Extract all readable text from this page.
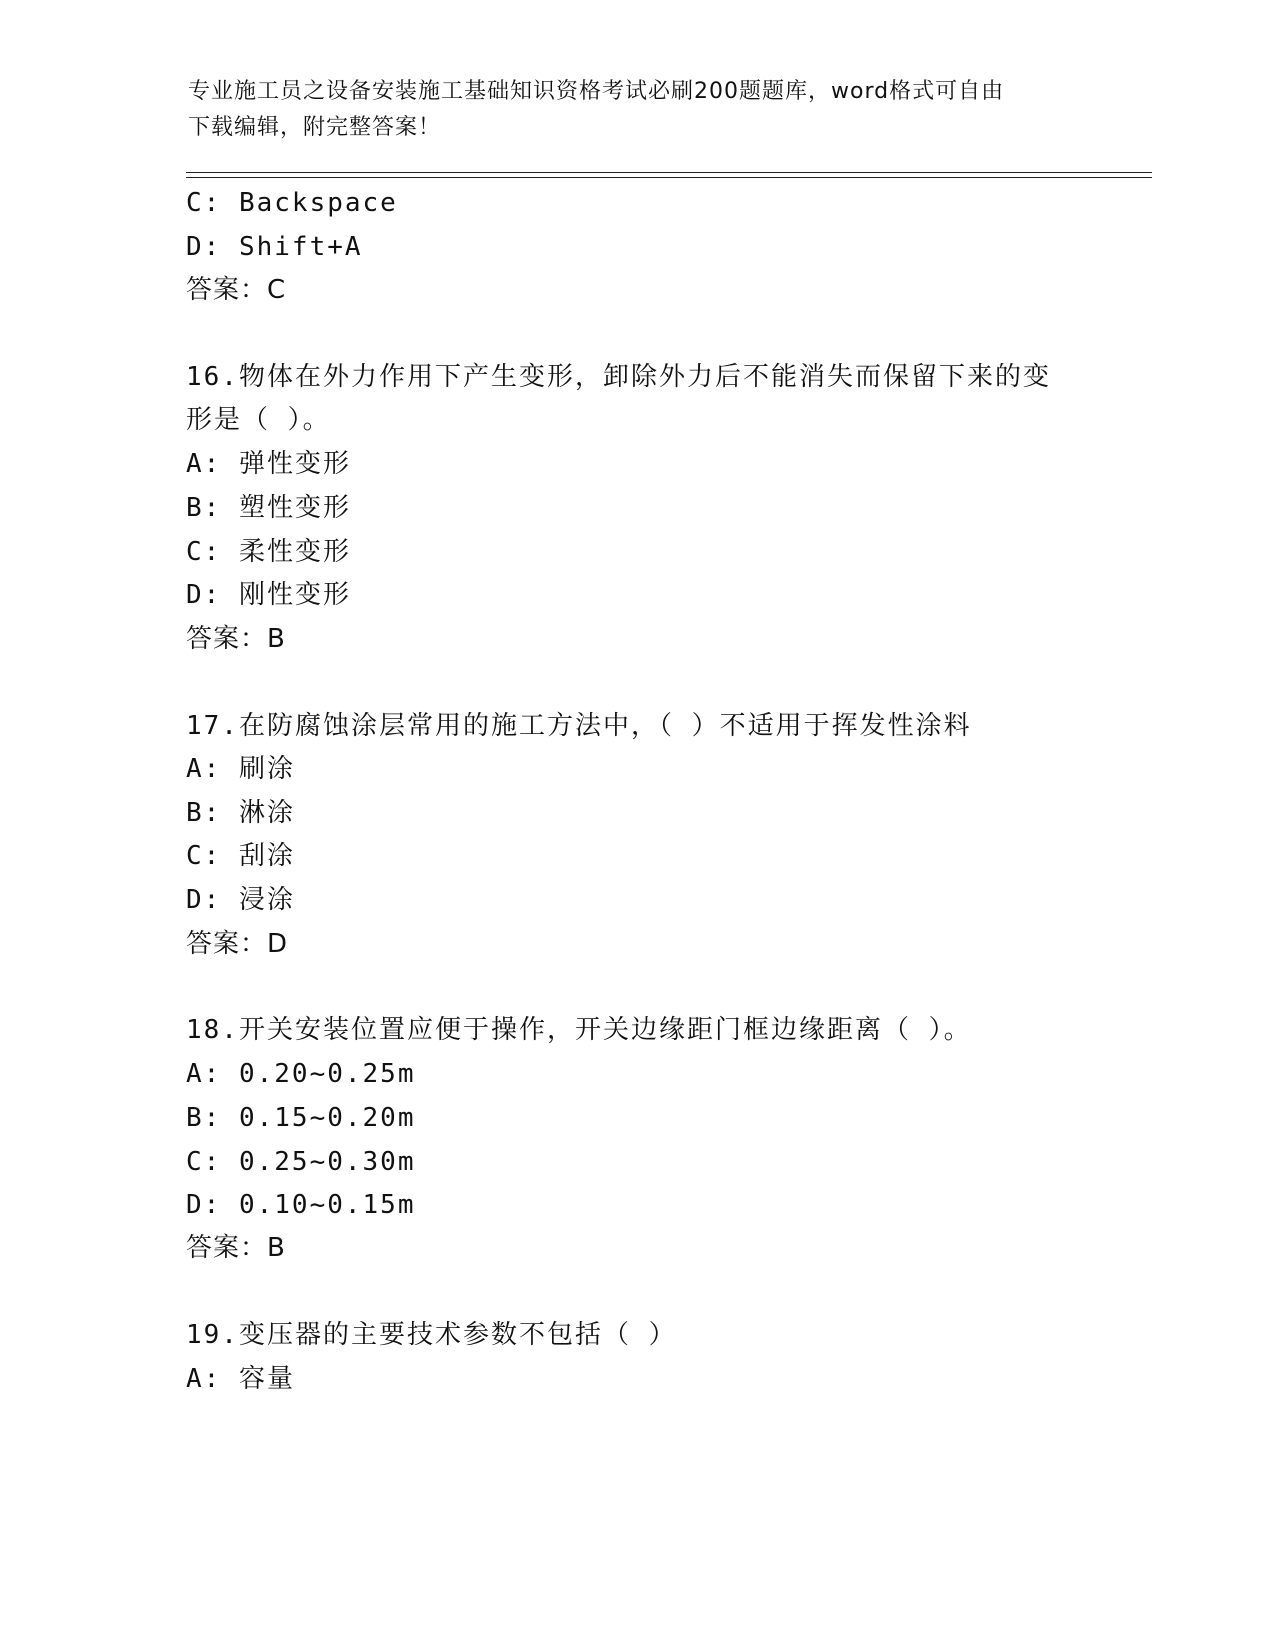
专业施工员之设备安装施工基础知识资格考试必刷200题题库，word格式可自由
下载编辑，附完整答案！
C: Backspace
D: Shift+A
答案：C
16.物体在外力作用下产生变形，卸除外力后不能消失而保留下来的变
形是（ ）。
A: 弹性变形
B: 塑性变形
C: 柔性变形
D: 刚性变形
答案：B
17.在防腐蚀涂层常用的施工方法中，（ ）不适用于挥发性涂料
A: 刷涂
B: 淋涂
C: 刮涂
D: 浸涂
答案：D
18.开关安装位置应便于操作，开关边缘距门框边缘距离（ ）。
A: 0.20~0.25m
B: 0.15~0.20m
C: 0.25~0.30m
D: 0.10~0.15m
答案：B
19.变压器的主要技术参数不包括（ ）
A: 容量
